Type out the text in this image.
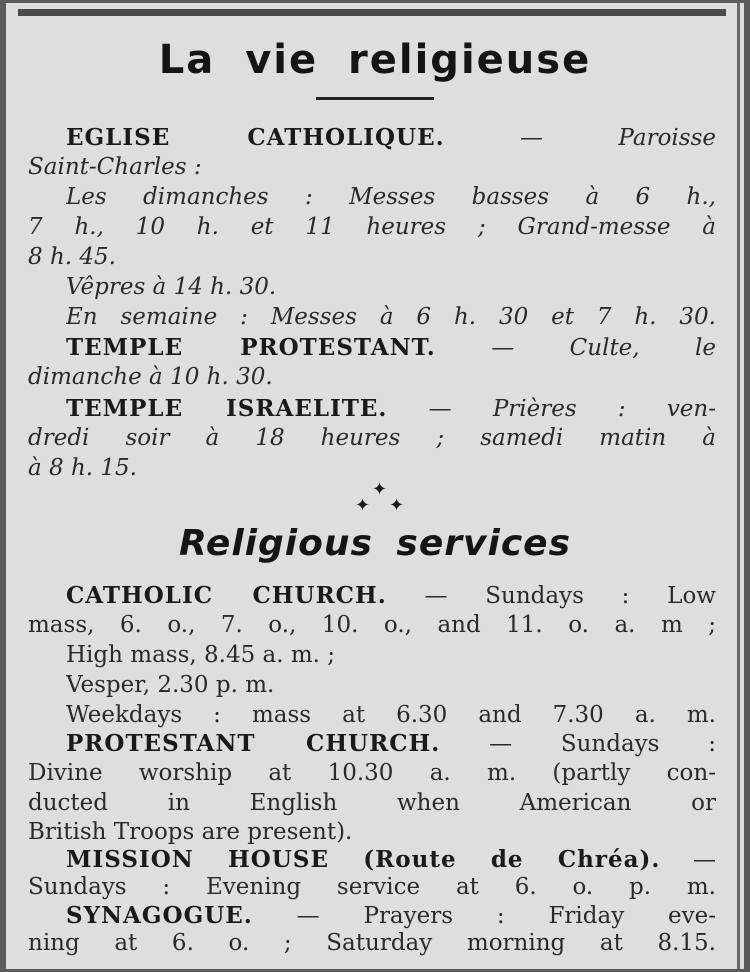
La vie religieuse
EGLISE CATHOLIQUE.	— Paroisse
Saint-Charles :
Les dimanches : Messes basses à 6 h.,
7 h., 10 h. et 11 heures ; Grand-messe à
8 h. 45.
Vêpres à 14 h. 30.
En semaine : Messes à 6 h. 30 et 7 h. 30.
TEMPLE PROTESTANT. — Culte, le
dimanche à 10 h. 30.
TEMPLE ISRAELITE. — Prières : ven-
dredi soir à 18 heures ; samedi matin à
à 8 h. 15.
✦
✦ ✦
Religious services
CATHOLIC CHURCH. — Sundays : Low
mass, 6. o., 7. o., 10. o., and 11. o. a. m ;
High mass, 8.45 a. m. ;
Vesper, 2.30 p. m.
Weekdays : mass at 6.30 and 7.30 a. m.
PROTESTANT CHURCH. — Sundays :
Divine worship at 10.30 a. m. (partly con-
ducted in English when American or
British Troops are present).
MISSION HOUSE (Route de Chréa). —
Sundays : Evening service at 6. o. p. m.
SYNAGOGUE. — Prayers : Friday eve-
ning at 6. o. ; Saturday morning at 8.15.
